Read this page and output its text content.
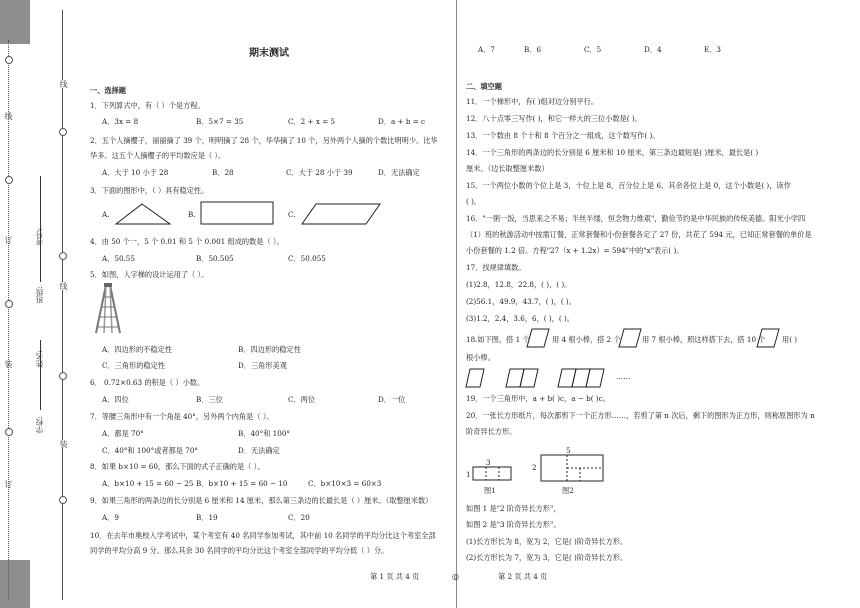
线
订
装
订
线
线
装
学校:
姓名:
班级:
考号:
期末测试
一、选择题
1．下列算式中，有（ ）个是方程。
A．3x = 8	B．5×7 = 35	C．2 + x = 5	D．a + b = c
2．五个人摘樱子，丽丽摘了 39 个，明明摘了 28 个，华华摘了 10 个，另外两个人摘的个数比明明少。比华
华多。这五个人摘樱子的平均数应是（ ）。
A．大于 10 小于 28	B．28	C．大于 28 小于 39	D．无法确定
3．下面的图形中，（ ）具有稳定性。
A.	B.	C.
4．由 50 个一，5 个 0.01 和 5 个 0.001 组成的数是（ ）。
A．50.55	B．50.505	C．50.055
5．如图，人字梯的设计运用了（ ）。
A．四边形的不稳定性	B．四边形的稳定性
C．三角形的稳定性	D．三角形美观
6． 0.72×0.63 的积是（ ）小数。
A．四位	B．三位	C．两位	D．一位
7．等腰三角形中有一个角是 40°，另外两个内角是（ ）。
A．都是 70°	B．40°和 100°
C．40°和 100°或者都是 70°	D．无法确定
8．如果 b×10 = 60，那么下面的式子正确的是（ ）。
A．b×10 + 15 = 60 − 25 B．b×10 + 15 = 60 − 10	C．b×10×3 = 60×3
9．如果三角形的两条边的长分别是 6 厘米和 14 厘米，那么第三条边的长最长是（ ）厘米。（取整厘米数）
A．9	B．19	C．20
10．在去年市奥校入学考试中，某个考室有 40 名同学参加考试，其中前 10 名同学的平均分比这个考室全部
同学的平均分高 9 分。那么其余 30 名同学的平均分比这个考室全部同学的平均分低（ ）分。
第 1 页 共 4 页	◎	第 2 页 共 4 页
A．7	B．6	C．5	D．4	E．3
二、填空题
11．一个梯形中，有( )组对边分别平行。
12．八十点零三写作( )，和它一样大的三位小数是( )。
13．一个数由 8 个十和 8 个百分之一组成，这个数写作( )。
14．一个三角形的两条边的长分别是 6 厘米和 10 厘米，第三条边最短是( )厘米，最长是( )
厘米。（边长取整厘米数）
15．一个两位小数的个位上是 3，十位上是 8，百分位上是 6，其余各位上是 0，这个小数是( )，读作
( )。
16．"一粥一饭，当思来之不易；半丝半缕，恒念物力维艰"，勤俭节约是中华民族的传统美德。阳光小学四
（1）班的秋游活动中按需订餐，正常套餐和小份套餐各定了 27 份，共花了 594 元，已知正常套餐的单价是
小份套餐的 1.2 倍。方程"27（x + 1.2x）= 594"中的"x"表示( )。
17．找规律填数。
(1)2.8，12.8，22.8，( )，( )。
(2)56.1，49.9，43.7，( )，( )。
(3)1.2，2.4，3.6，6，( )，( )。
18.如下图，搭 1 个	用 4 根小棒，搭 2 个	用 7 根小棒，照这样搭下去，搭 10 个 用( )
根小棒。
……
19．一个三角形中，a + b( )c，a − b( )c。
20．一张长方形纸片，每次都剪下一个正方形……，若剪了第 n 次后，剩下的图形为正方形，则称原图形为 n
阶奇异长方形。
1
3
图1
2
5
图2
如图 1 是"2 阶奇异长方形"，
如图 2 是"3 阶奇异长方形"。
(1)长方形长为 8，宽为 2，它是( )阶奇异长方形。
(2)长方形长为 7，宽为 3，它是( )阶奇异长方形。
